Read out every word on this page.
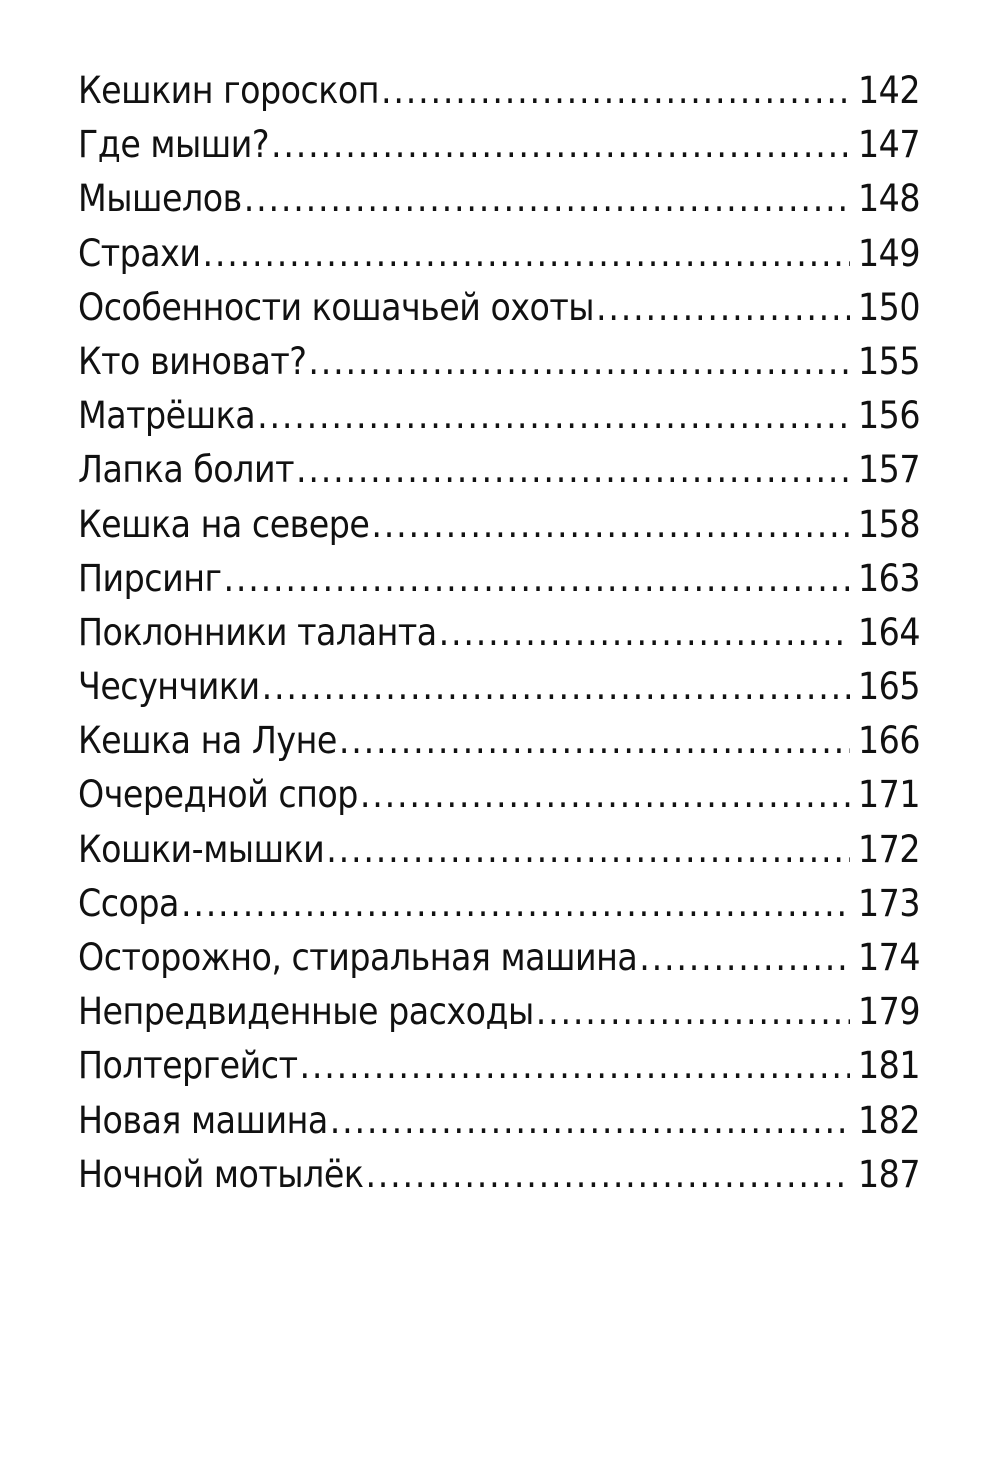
Кешкин гороскоп .....	142
Где мыши? .....	147
Мышелов .....	148
Страхи .....	149
Особенности кошачьей охоты .....	150
Кто виноват? .....	155
Матрёшка .....	156
Лапка болит .....	157
Кешка на севере .....	158
Пирсинг .....	163
Поклонники таланта .....	164
Чесунчики .....	165
Кешка на Луне .....	166
Очередной спор .....	171
Кошки-мышки .....	172
Ссора .....	173
Осторожно, стиральная машина .....	174
Непредвиденные расходы .....	179
Полтергейст .....	181
Новая машина .....	182
Ночной мотылёк .....	187
